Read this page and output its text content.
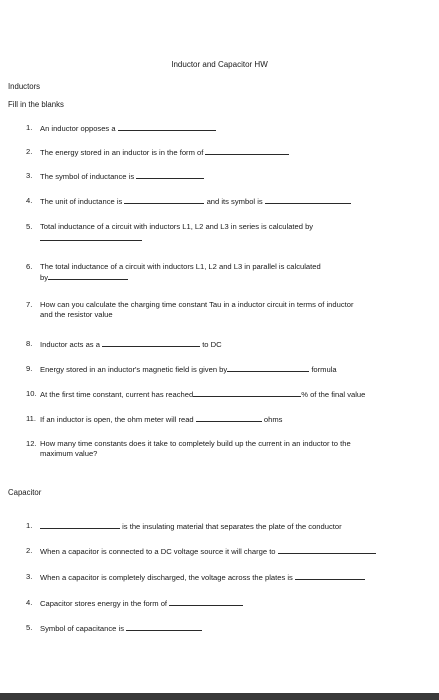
Inductor and Capacitor HW
Inductors
Fill in the blanks
1.	An inductor opposes a
2.	The energy stored in an inductor is in the form of
3.	The symbol of inductance is
4.	The unit of inductance is	and its symbol is
5.	Total inductance of a circuit with inductors L1, L2 and L3 in series is calculated by
6.	The total inductance of a circuit with inductors L1, L2 and L3 in parallel is calculated
by
7.	How can you calculate the charging time constant Tau in a inductor circuit in terms of inductor
and the resistor value
8.	Inductor acts as a	to DC
9.	Energy stored in an inductor's magnetic field is given by	formula
10. At the first time constant, current has reached	% of the final value
11. If an inductor is open, the ohm meter will read	ohms
12. How many time constants does it take to completely build up the current in an inductor to the
maximum value?
Capacitor
1.	is the insulating material that separates the plate of the conductor
2.	When a capacitor is connected to a DC voltage source it will charge to
3.	When a capacitor is completely discharged, the voltage across the plates is
4.	Capacitor stores energy in the form of
5.	Symbol of capacitance is
